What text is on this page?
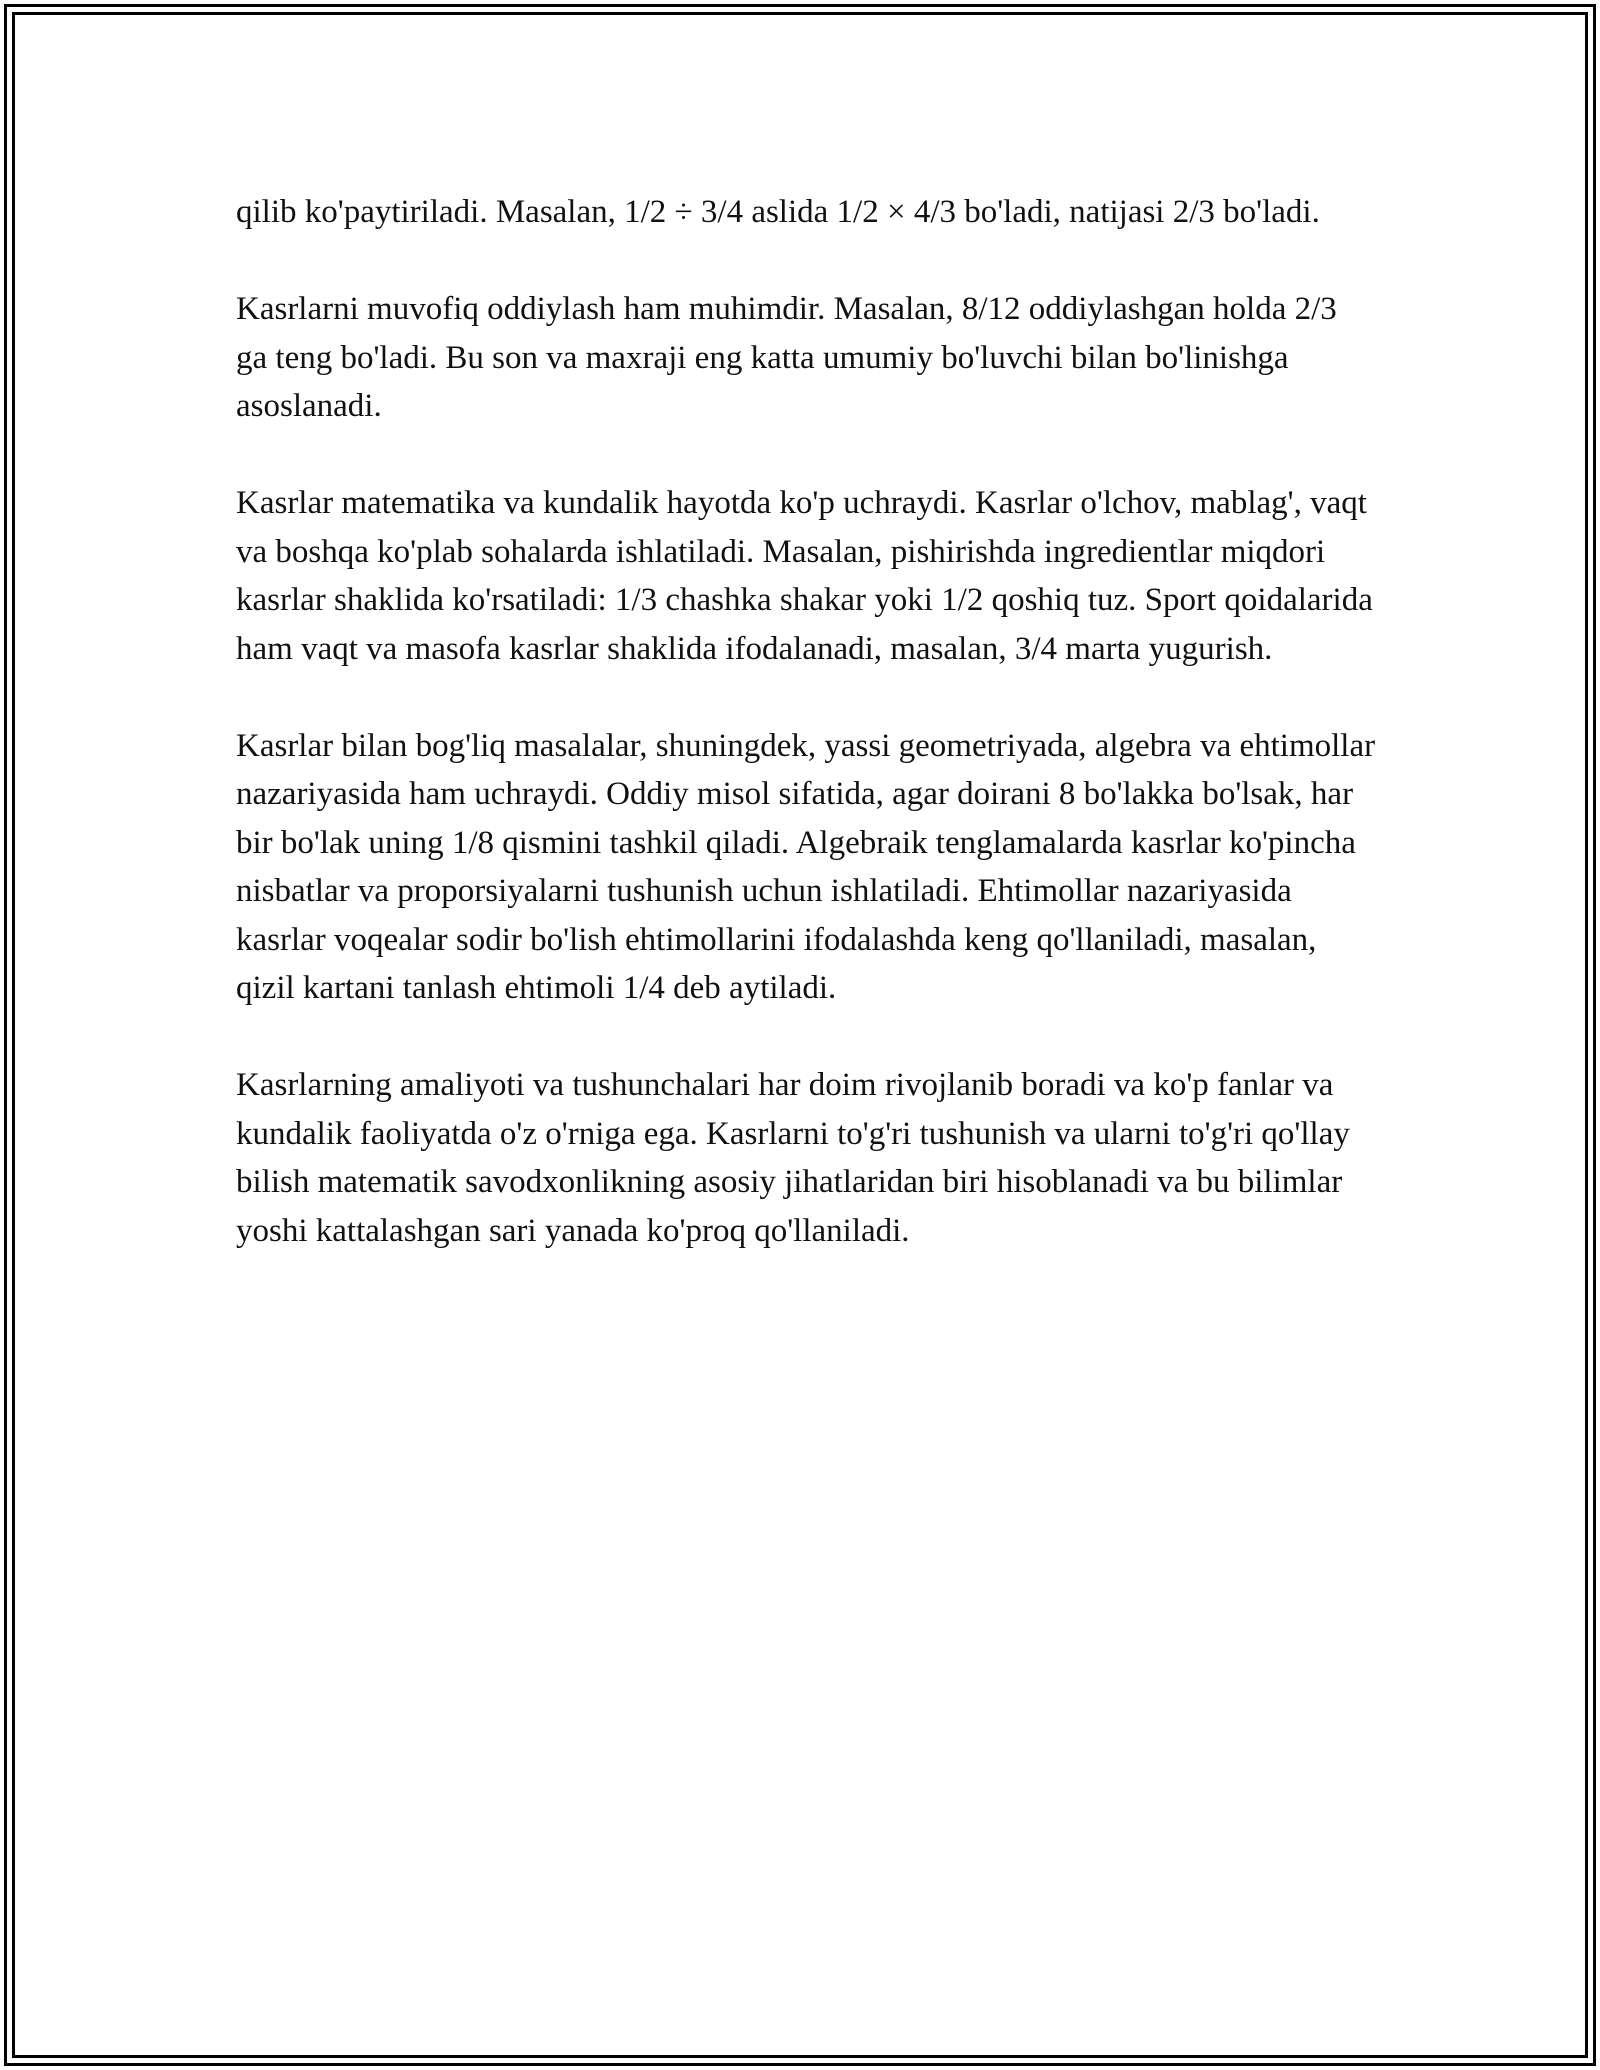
qilib ko'paytiriladi. Masalan, 1/2 ÷ 3/4 aslida 1/2 × 4/3 bo'ladi, natijasi 2/3 bo'ladi.

Kasrlarni muvofiq oddiylash ham muhimdir. Masalan, 8/12 oddiylashgan holda 2/3 ga teng bo'ladi. Bu son va maxraji eng katta umumiy bo'luvchi bilan bo'linishga asoslanadi.

Kasrlar matematika va kundalik hayotda ko'p uchraydi. Kasrlar o'lchov, mablag', vaqt va boshqa ko'plab sohalarda ishlatiladi. Masalan, pishirishda ingredientlar miqdori kasrlar shaklida ko'rsatiladi: 1/3 chashka shakar yoki 1/2 qoshiq tuz. Sport qoidalarida ham vaqt va masofa kasrlar shaklida ifodalanadi, masalan, 3/4 marta yugurish.

Kasrlar bilan bog'liq masalalar, shuningdek, yassi geometriyada, algebra va ehtimollar nazariyasida ham uchraydi. Oddiy misol sifatida, agar doirani 8 bo'lakka bo'lsak, har bir bo'lak uning 1/8 qismini tashkil qiladi. Algebraik tenglamalarda kasrlar ko'pincha nisbatlar va proporsiyalarni tushunish uchun ishlatiladi. Ehtimollar nazariyasida kasrlar voqealar sodir bo'lish ehtimollarini ifodalashda keng qo'llaniladi, masalan, qizil kartani tanlash ehtimoli 1/4 deb aytiladi.

Kasrlarning amaliyoti va tushunchalari har doim rivojlanib boradi va ko'p fanlar va kundalik faoliyatda o'z o'rniga ega. Kasrlarni to'g'ri tushunish va ularni to'g'ri qo'llay bilish matematik savodxonlikning asosiy jihatlaridan biri hisoblanadi va bu bilimlar yoshi kattalashgan sari yanada ko'proq qo'llaniladi.
